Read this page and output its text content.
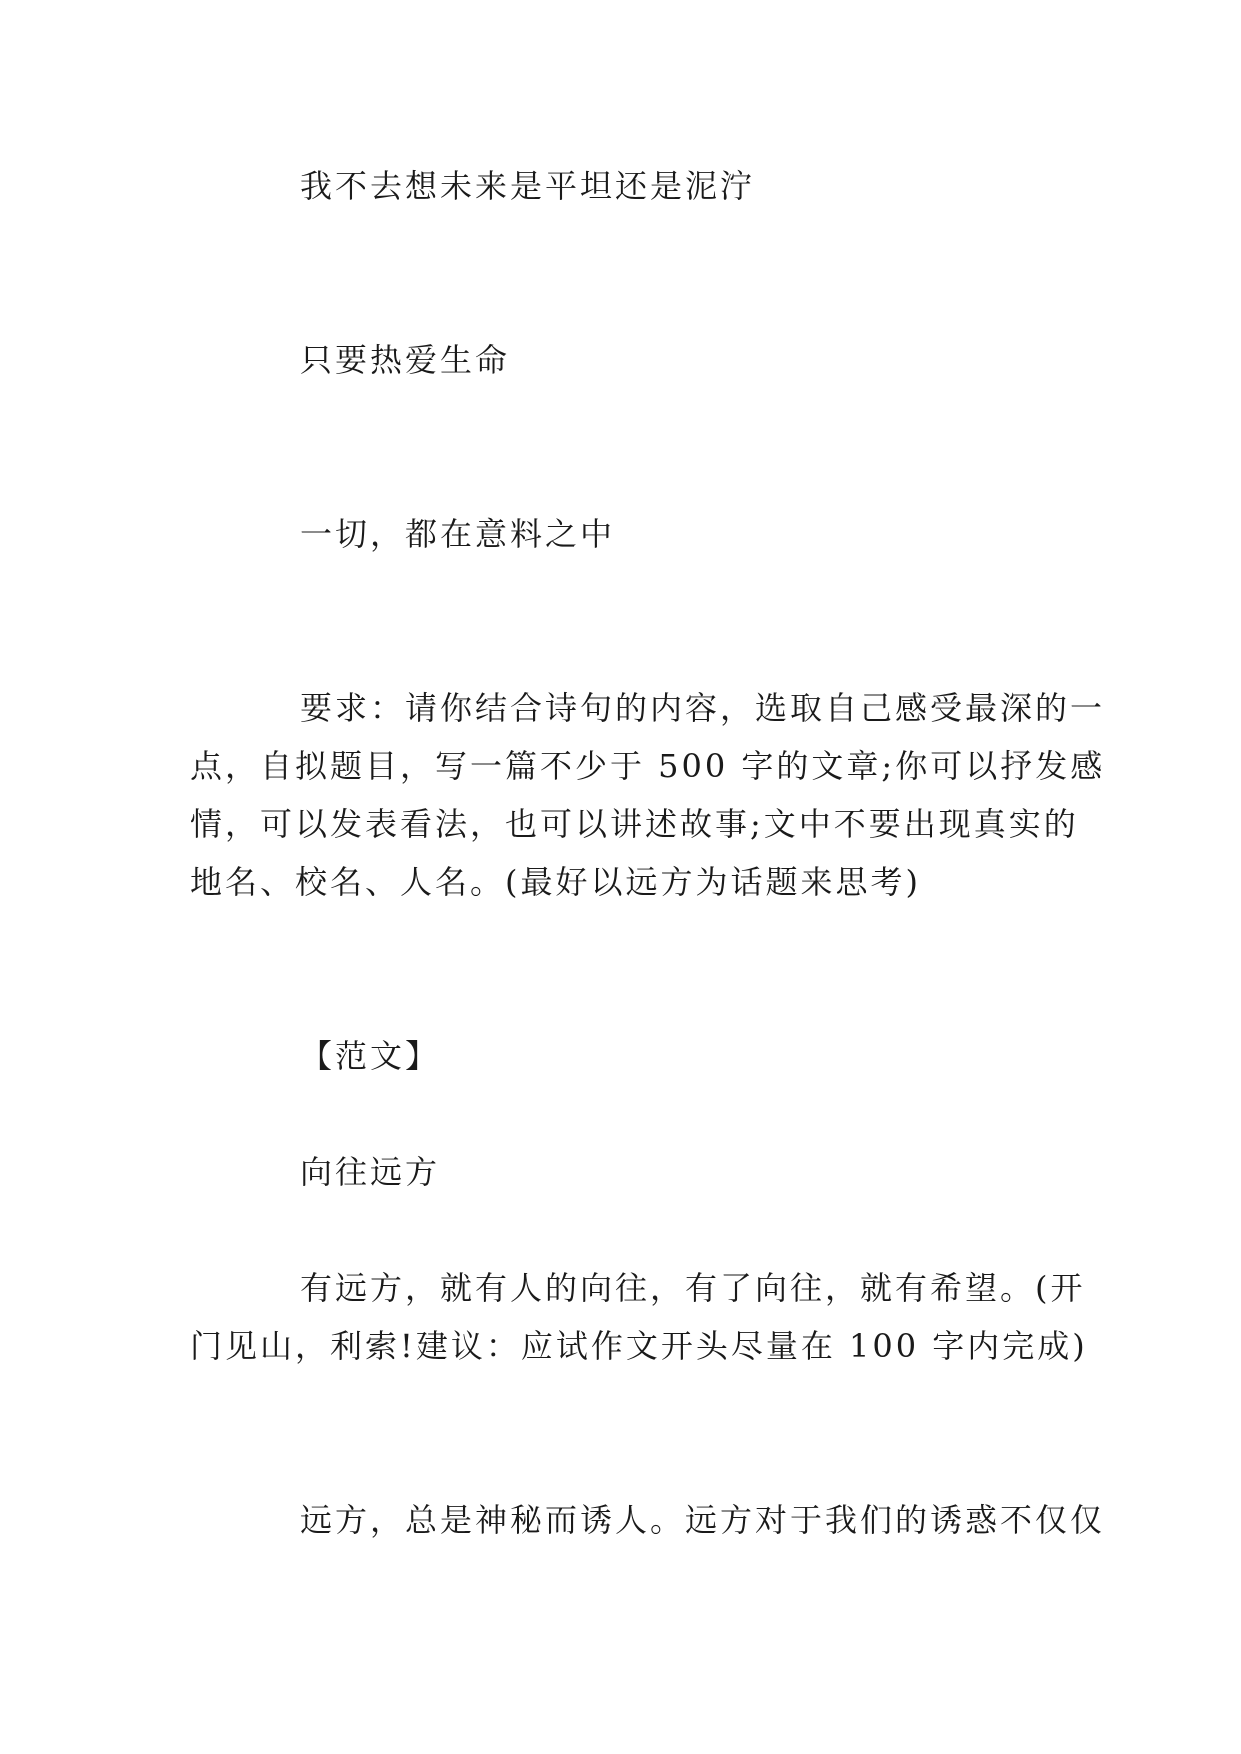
我不去想未来是平坦还是泥泞
只要热爱生命
一切，都在意料之中
要求：请你结合诗句的内容，选取自己感受最深的一
点，自拟题目，写一篇不少于 500 字的文章;你可以抒发感
情，可以发表看法，也可以讲述故事;文中不要出现真实的
地名、校名、人名。(最好以远方为话题来思考)
【范文】
向往远方
有远方，就有人的向往，有了向往，就有希望。(开
门见山，利索!建议：应试作文开头尽量在 100 字内完成)
远方，总是神秘而诱人。远方对于我们的诱惑不仅仅
